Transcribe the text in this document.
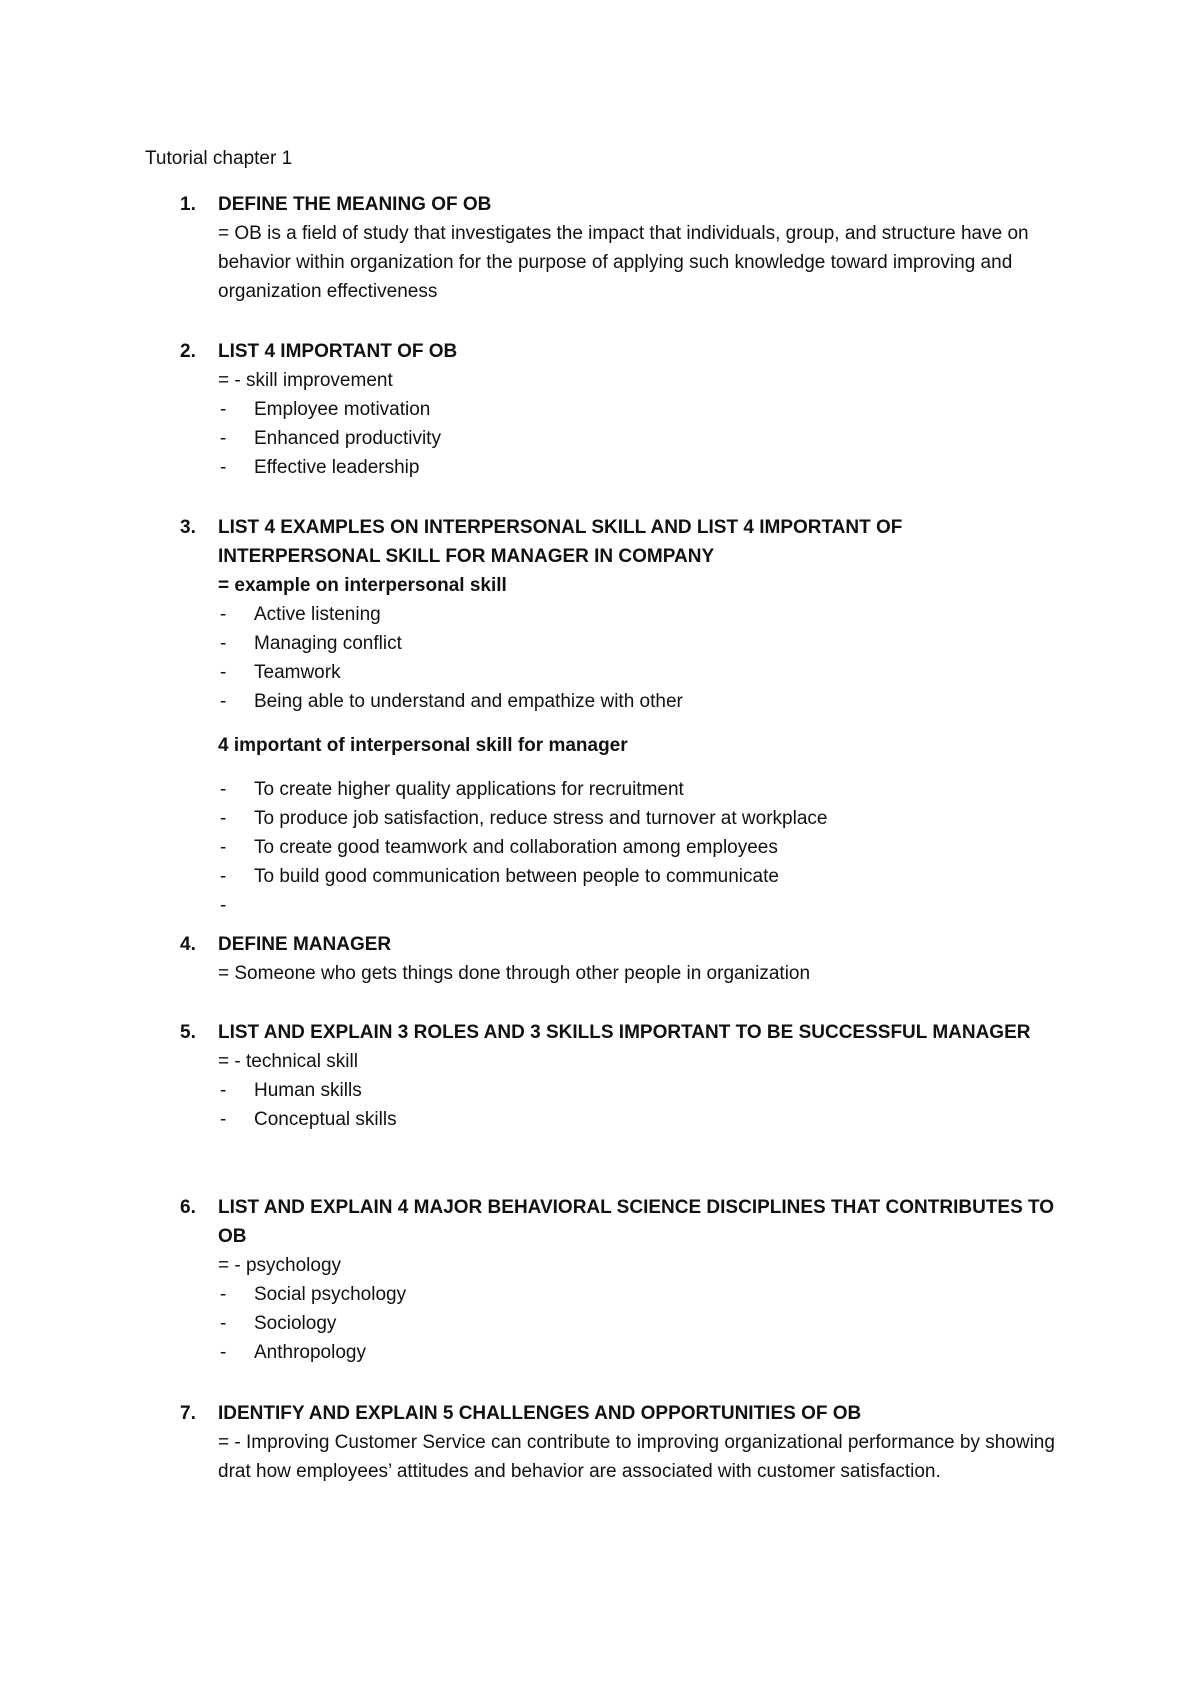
Tutorial chapter 1
1. DEFINE THE MEANING OF OB
= OB is a field of study that investigates the impact that individuals, group, and structure have on behavior within organization for the purpose of applying such knowledge toward improving and organization effectiveness
2. LIST 4 IMPORTANT OF OB
= - skill improvement
- Employee motivation
- Enhanced productivity
- Effective leadership
3. LIST 4 EXAMPLES ON INTERPERSONAL SKILL AND LIST 4 IMPORTANT OF INTERPERSONAL SKILL FOR MANAGER IN COMPANY
= example on interpersonal skill
- Active listening
- Managing conflict
- Teamwork
- Being able to understand and empathize with other
4 important of interpersonal skill for manager
- To create higher quality applications for recruitment
- To produce job satisfaction, reduce stress and turnover at workplace
- To create good teamwork and collaboration among employees
- To build good communication between people to communicate
-
4. DEFINE MANAGER
= Someone who gets things done through other people in organization
5. LIST AND EXPLAIN 3 ROLES AND 3 SKILLS IMPORTANT TO BE SUCCESSFUL MANAGER
= - technical skill
- Human skills
- Conceptual skills
6. LIST AND EXPLAIN 4 MAJOR BEHAVIORAL SCIENCE DISCIPLINES THAT CONTRIBUTES TO OB
= - psychology
- Social psychology
- Sociology
- Anthropology
7. IDENTIFY AND EXPLAIN 5 CHALLENGES AND OPPORTUNITIES OF OB
= - Improving Customer Service can contribute to improving organizational performance by showing drat how employees’ attitudes and behavior are associated with customer satisfaction.
